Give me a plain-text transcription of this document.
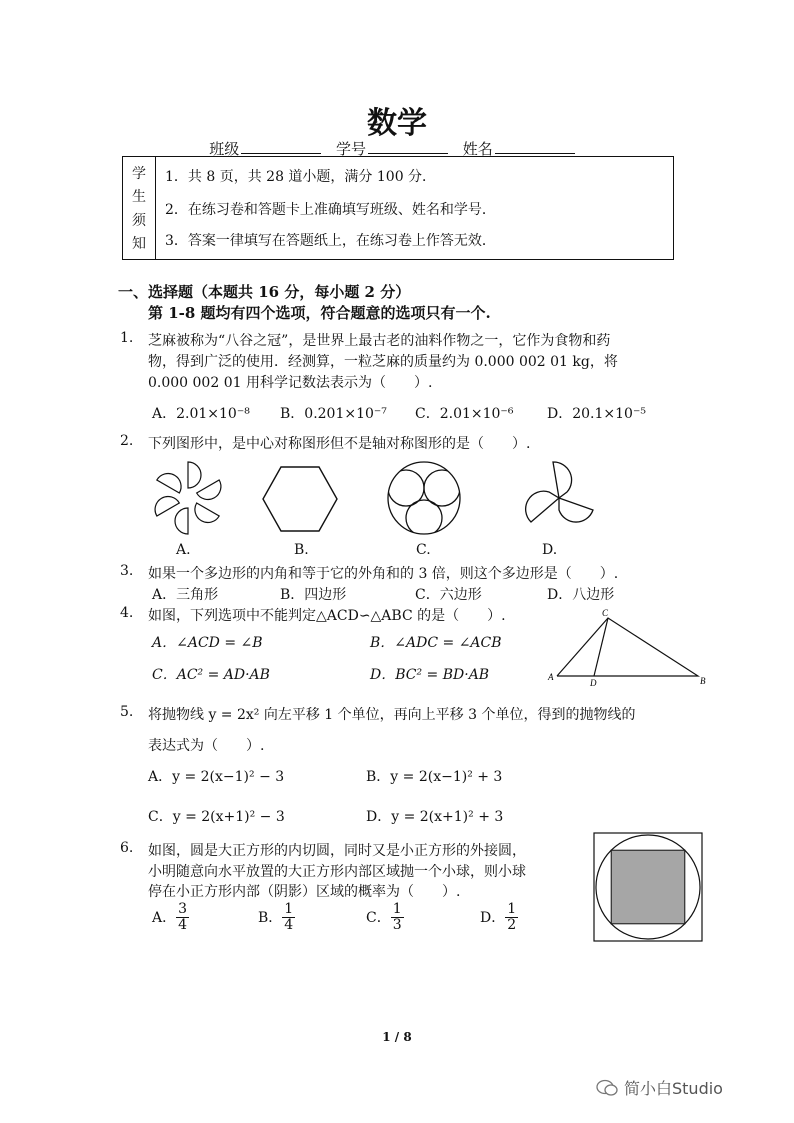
数学
班级	学号	姓名
学
生
须
知
1．共 8 页，共 28 道小题，满分 100 分．
2．在练习卷和答题卡上准确填写班级、姓名和学号．
3．答案一律填写在答题纸上，在练习卷上作答无效．
一、选择题（本题共 16 分，每小题 2 分）
第 1-8 题均有四个选项，符合题意的选项只有一个.
1. 芝麻被称为“八谷之冠”，是世界上最古老的油料作物之一，它作为食物和药
物，得到广泛的使用．经测算，一粒芝麻的质量约为 0.000 002 01 kg，将
0.000 002 01 用科学记数法表示为（　　）.
A．2.01×10⁻⁸ B．0.201×10⁻⁷ C．2.01×10⁻⁶ D．20.1×10⁻⁵
2. 下列图形中，是中心对称图形但不是轴对称图形的是（　　）.
A.	B.	C.	D.
3. 如果一个多边形的内角和等于它的外角和的 3 倍，则这个多边形是（　　）.
A．三角形	B．四边形	C．六边形	D．八边形
4. 如图，下列选项中不能判定△ACD∽△ABC 的是（　　）.
A．∠ACD = ∠B	B．∠ADC = ∠ACB
C．AC² = AD·AB	D．BC² = BD·AB	A
C
B
D
5. 将抛物线 y = 2x² 向左平移 1 个单位，再向上平移 3 个单位，得到的抛物线的
表达式为（　　）.
A．y = 2(x−1)² − 3	B．y = 2(x−1)² + 3
C．y = 2(x+1)² − 3	D．y = 2(x+1)² + 3
6. 如图，圆是大正方形的内切圆，同时又是小正方形的外接圆，
小明随意向水平放置的大正方形内部区域抛一个小球，则小球
停在小正方形内部（阴影）区域的概率为（　　）.
A． $\frac{3}{4}$	B． $\frac{1}{4}$	C． $\frac{1}{3}$	D． $\frac{1}{2}$
1 / 8
简小白Studio
